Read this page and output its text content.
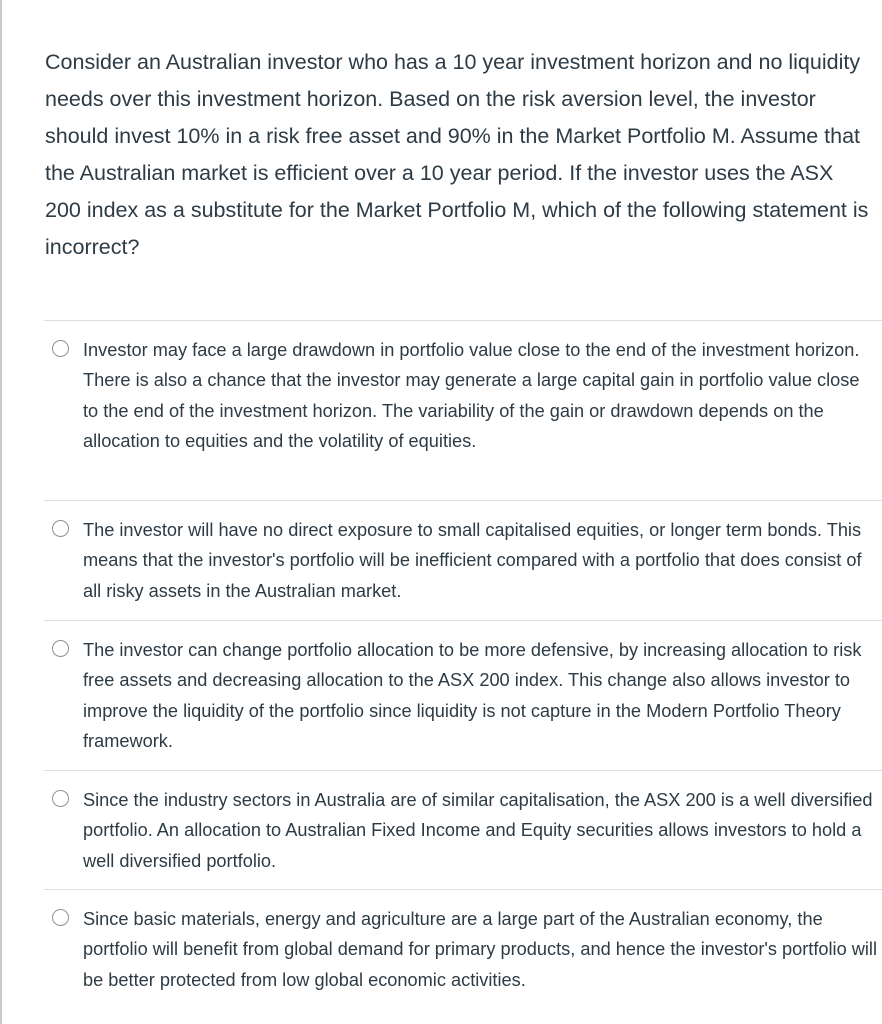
Consider an Australian investor who has a 10 year investment horizon and no liquidity needs over this investment horizon. Based on the risk aversion level, the investor should invest 10% in a risk free asset and 90% in the Market Portfolio M. Assume that the Australian market is efficient over a 10 year period. If the investor uses the ASX 200 index as a substitute for the Market Portfolio M, which of the following statement is incorrect?

Investor may face a large drawdown in portfolio value close to the end of the investment horizon. There is also a chance that the investor may generate a large capital gain in portfolio value close to the end of the investment horizon. The variability of the gain or drawdown depends on the allocation to equities and the volatility of equities.
The investor will have no direct exposure to small capitalised equities, or longer term bonds. This means that the investor's portfolio will be inefficient compared with a portfolio that does consist of all risky assets in the Australian market.
The investor can change portfolio allocation to be more defensive, by increasing allocation to risk free assets and decreasing allocation to the ASX 200 index. This change also allows investor to improve the liquidity of the portfolio since liquidity is not capture in the Modern Portfolio Theory framework.
Since the industry sectors in Australia are of similar capitalisation, the ASX 200 is a well diversified portfolio. An allocation to Australian Fixed Income and Equity securities allows investors to hold a well diversified portfolio.
Since basic materials, energy and agriculture are a large part of the Australian economy, the portfolio will benefit from global demand for primary products, and hence the investor's portfolio will be better protected from low global economic activities.
